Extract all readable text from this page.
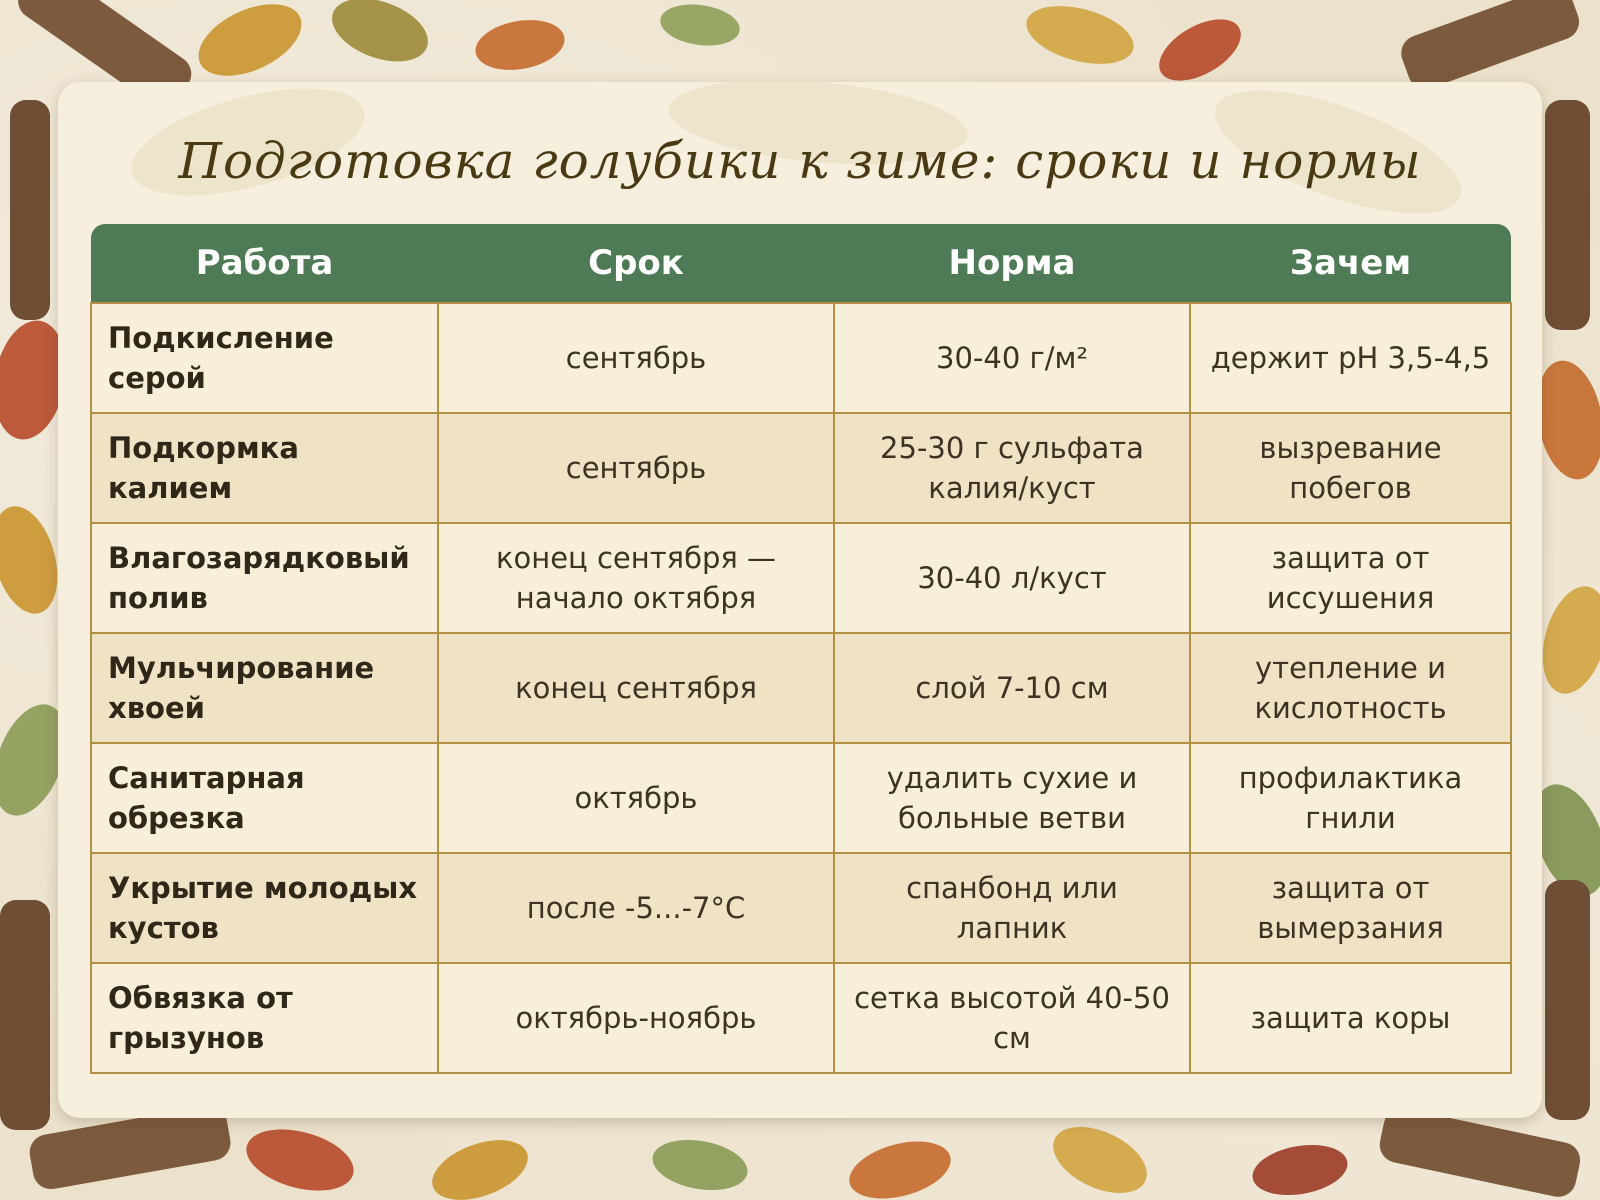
Подготовка голубики к зиме: сроки и нормы
Работа	Срок	Норма	Зачем
Подкисление серой	сентябрь	30-40 г/м²	держит pH 3,5-4,5
Подкормка калием	сентябрь	25-30 г сульфата калия/куст	вызревание побегов
Влагозарядковый полив	конец сентября — начало октября	30-40 л/куст	защита от иссушения
Мульчирование хвоей	конец сентября	слой 7-10 см	утепление и кислотность
Санитарная обрезка	октябрь	удалить сухие и больные ветви	профилактика гнили
Укрытие молодых кустов	после -5...-7°C	спанбонд или лапник	защита от вымерзания
Обвязка от грызунов	октябрь-ноябрь	сетка высотой 40-50 см	защита коры
